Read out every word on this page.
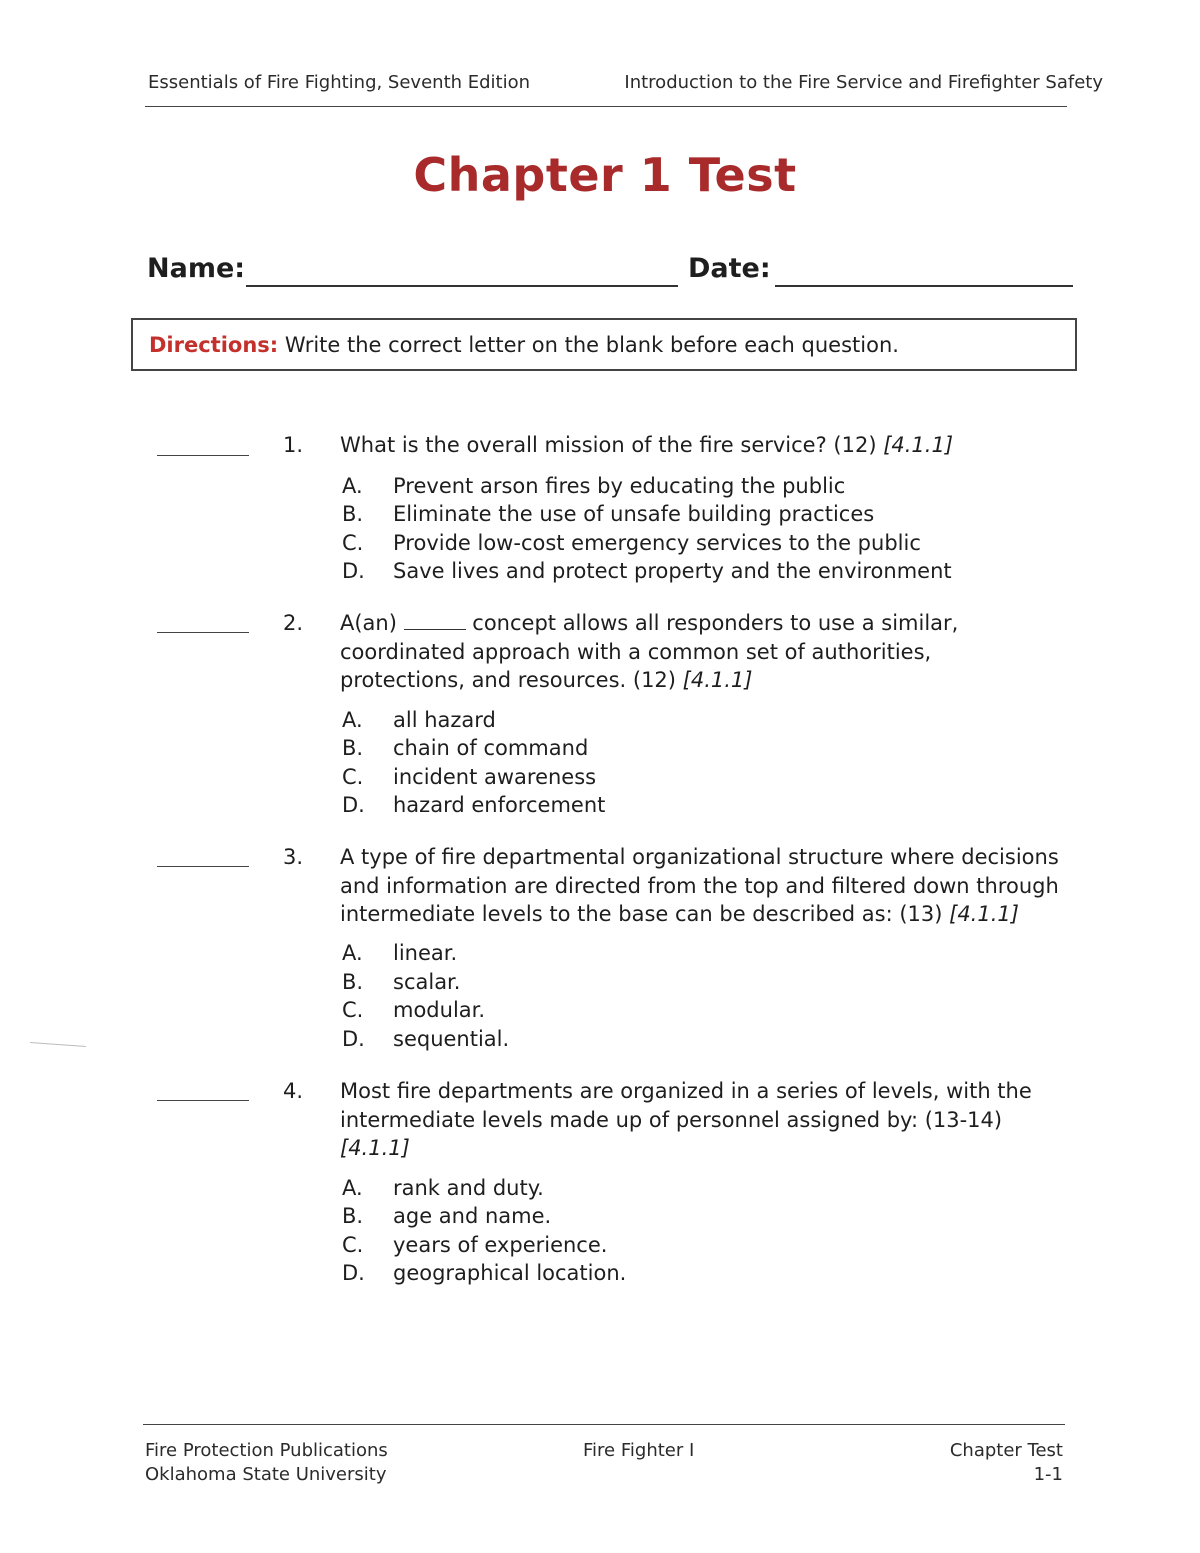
Essentials of Fire Fighting, Seventh Edition	Introduction to the Fire Service and Firefighter Safety
Chapter 1 Test
Name:	Date:
Directions: Write the correct letter on the blank before each question.
1. What is the overall mission of the fire service? (12) [4.1.1]
A. Prevent arson fires by educating the public
B. Eliminate the use of unsafe building practices
C. Provide low-cost emergency services to the public
D. Save lives and protect property and the environment
2. A(an)	concept allows all responders to use a similar, coordinated approach with a common set of authorities, protections, and resources. (12) [4.1.1]
A. all hazard
B. chain of command
C. incident awareness
D. hazard enforcement
3. A type of fire departmental organizational structure where decisions and information are directed from the top and filtered down through intermediate levels to the base can be described as: (13) [4.1.1]
A. linear.
B. scalar.
C. modular.
D. sequential.
4. Most fire departments are organized in a series of levels, with the intermediate levels made up of personnel assigned by: (13-14) [4.1.1]
A. rank and duty.
B. age and name.
C. years of experience.
D. geographical location.
Fire Protection Publications
Oklahoma State University
Fire Fighter I	Chapter Test
1-1
